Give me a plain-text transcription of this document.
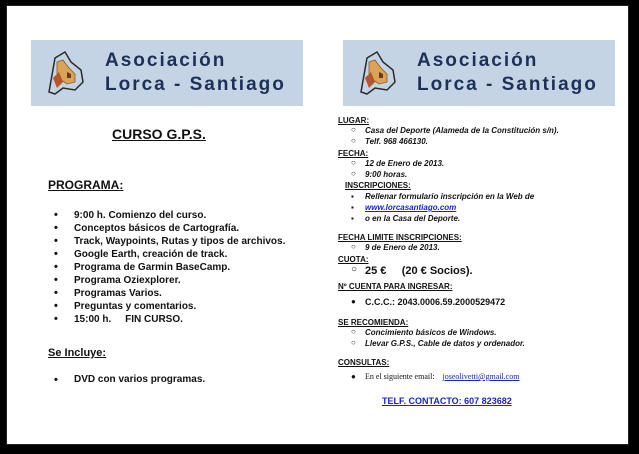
Asociación
Lorca - Santiago
Asociación
Lorca - Santiago
CURSO G.P.S.
PROGRAMA:
• 9:00 h. Comienzo del curso.
• Conceptos básicos de Cartografía.
• Track, Waypoints, Rutas y tipos de archivos.
• Google Earth, creación de track.
• Programa de Garmin BaseCamp.
• Programa Oziexplorer.
• Programas Varios.
• Preguntas y comentarios.
• 15:00 h.     FIN CURSO.
Se Incluye:
• DVD con varios programas.
LUGAR:
○ Casa del Deporte (Alameda de la Constitución s/n).
○ Telf. 968 466130.
FECHA:
○ 12 de Enero de 2013.
○ 9:00 horas.
INSCRIPCIONES:
▪ Rellenar formulario inscripción en la Web de
▪ www.lorcasantiago.com
▪ o en la Casa del Deporte.
FECHA LIMITE INSCRIPCIONES:
○ 9 de Enero de 2013.
CUOTA:
○ 25 €     (20 € Socios).
Nº CUENTA PARA INGRESAR:
● C.C.C.: 2043.0006.59.2000529472
SE RECOMIENDA:
○ Concimiento básicos de Windows.
○ Llevar G.P.S., Cable de datos y ordenador.
CONSULTAS:
● En el siguiente email: joseolivetti@gmail.com
TELF. CONTACTO: 607 823682
